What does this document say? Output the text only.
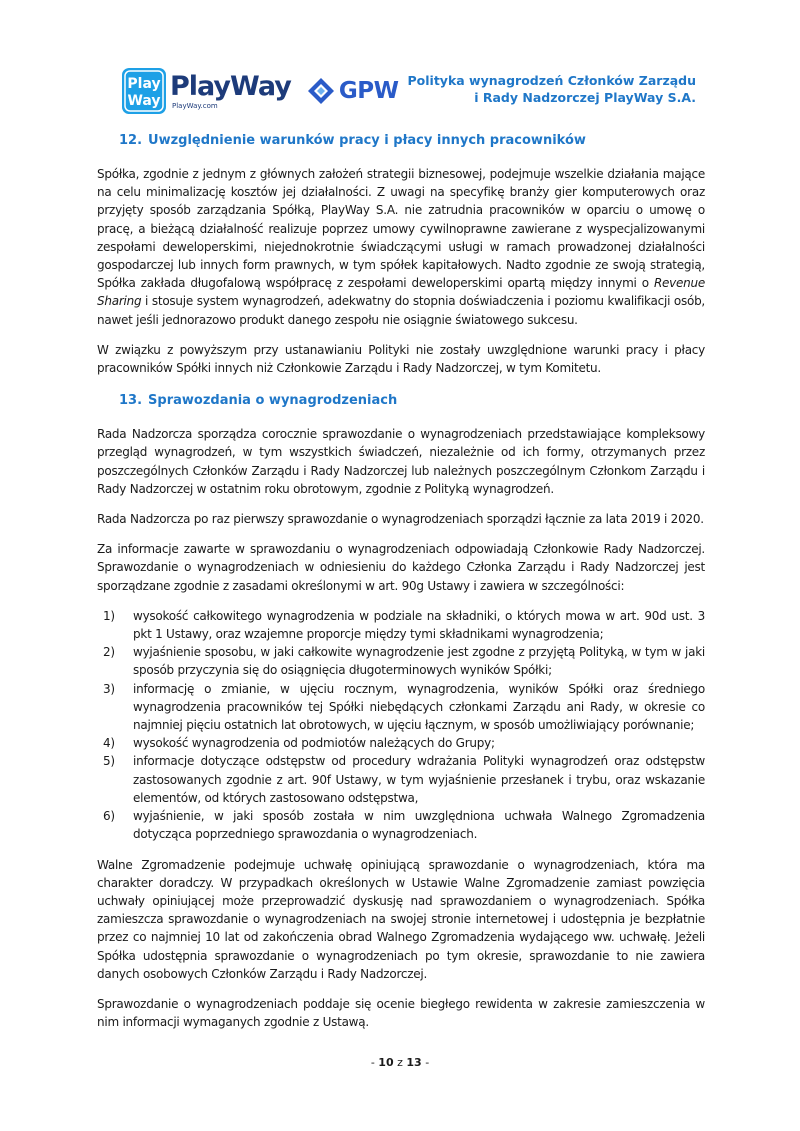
Play
Way PlayWay
PlayWay.com
GPW Polityka wynagrodzeń Członków Zarządu
i Rady Nadzorczej PlayWay S.A.
12. Uwzględnienie warunków pracy i płacy innych pracowników

Spółka, zgodnie z jednym z głównych założeń strategii biznesowej, podejmuje wszelkie działania mające na celu minimalizację kosztów jej działalności. Z uwagi na specyfikę branży gier komputerowych oraz przyjęty sposób zarządzania Spółką, PlayWay S.A. nie zatrudnia pracowników w oparciu o umowę o pracę, a bieżącą działalność realizuje poprzez umowy cywilnoprawne zawierane z wyspecjalizowanymi zespołami deweloperskimi, niejednokrotnie świadczącymi usługi w ramach prowadzonej działalności gospodarczej lub innych form prawnych, w tym spółek kapitałowych. Nadto zgodnie ze swoją strategią, Spółka zakłada długofalową współpracę z zespołami deweloperskimi opartą między innymi o Revenue Sharing i stosuje system wynagrodzeń, adekwatny do stopnia doświadczenia i poziomu kwalifikacji osób, nawet jeśli jednorazowo produkt danego zespołu nie osiągnie światowego sukcesu.

W związku z powyższym przy ustanawianiu Polityki nie zostały uwzględnione warunki pracy i płacy pracowników Spółki innych niż Członkowie Zarządu i Rady Nadzorczej, w tym Komitetu.

13. Sprawozdania o wynagrodzeniach

Rada Nadzorcza sporządza corocznie sprawozdanie o wynagrodzeniach przedstawiające kompleksowy przegląd wynagrodzeń, w tym wszystkich świadczeń, niezależnie od ich formy, otrzymanych przez poszczególnych Członków Zarządu i Rady Nadzorczej lub należnych poszczególnym Członkom Zarządu i Rady Nadzorczej w ostatnim roku obrotowym, zgodnie z Polityką wynagrodzeń.

Rada Nadzorcza po raz pierwszy sprawozdanie o wynagrodzeniach sporządzi łącznie za lata 2019 i 2020.

Za informacje zawarte w sprawozdaniu o wynagrodzeniach odpowiadają Członkowie Rady Nadzorczej. Sprawozdanie o wynagrodzeniach w odniesieniu do każdego Członka Zarządu i Rady Nadzorczej jest sporządzane zgodnie z zasadami określonymi w art. 90g Ustawy i zawiera w szczególności:

1) wysokość całkowitego wynagrodzenia w podziale na składniki, o których mowa w art. 90d ust. 3 pkt 1 Ustawy, oraz wzajemne proporcje między tymi składnikami wynagrodzenia;
2) wyjaśnienie sposobu, w jaki całkowite wynagrodzenie jest zgodne z przyjętą Polityką, w tym w jaki sposób przyczynia się do osiągnięcia długoterminowych wyników Spółki;
3) informację o zmianie, w ujęciu rocznym, wynagrodzenia, wyników Spółki oraz średniego wynagrodzenia pracowników tej Spółki niebędących członkami Zarządu ani Rady, w okresie co najmniej pięciu ostatnich lat obrotowych, w ujęciu łącznym, w sposób umożliwiający porównanie;
4) wysokość wynagrodzenia od podmiotów należących do Grupy;
5) informacje dotyczące odstępstw od procedury wdrażania Polityki wynagrodzeń oraz odstępstw zastosowanych zgodnie z art. 90f Ustawy, w tym wyjaśnienie przesłanek i trybu, oraz wskazanie elementów, od których zastosowano odstępstwa,
6) wyjaśnienie, w jaki sposób została w nim uwzględniona uchwała Walnego Zgromadzenia dotycząca poprzedniego sprawozdania o wynagrodzeniach.

Walne Zgromadzenie podejmuje uchwałę opiniującą sprawozdanie o wynagrodzeniach, która ma charakter doradczy. W przypadkach określonych w Ustawie Walne Zgromadzenie zamiast powzięcia uchwały opiniującej może przeprowadzić dyskusję nad sprawozdaniem o wynagrodzeniach. Spółka zamieszcza sprawozdanie o wynagrodzeniach na swojej stronie internetowej i udostępnia je bezpłatnie przez co najmniej 10 lat od zakończenia obrad Walnego Zgromadzenia wydającego ww. uchwałę. Jeżeli Spółka udostępnia sprawozdanie o wynagrodzeniach po tym okresie, sprawozdanie to nie zawiera danych osobowych Członków Zarządu i Rady Nadzorczej.

Sprawozdanie o wynagrodzeniach poddaje się ocenie biegłego rewidenta w zakresie zamieszczenia w nim informacji wymaganych zgodnie z Ustawą.

- 10 z 13 -
